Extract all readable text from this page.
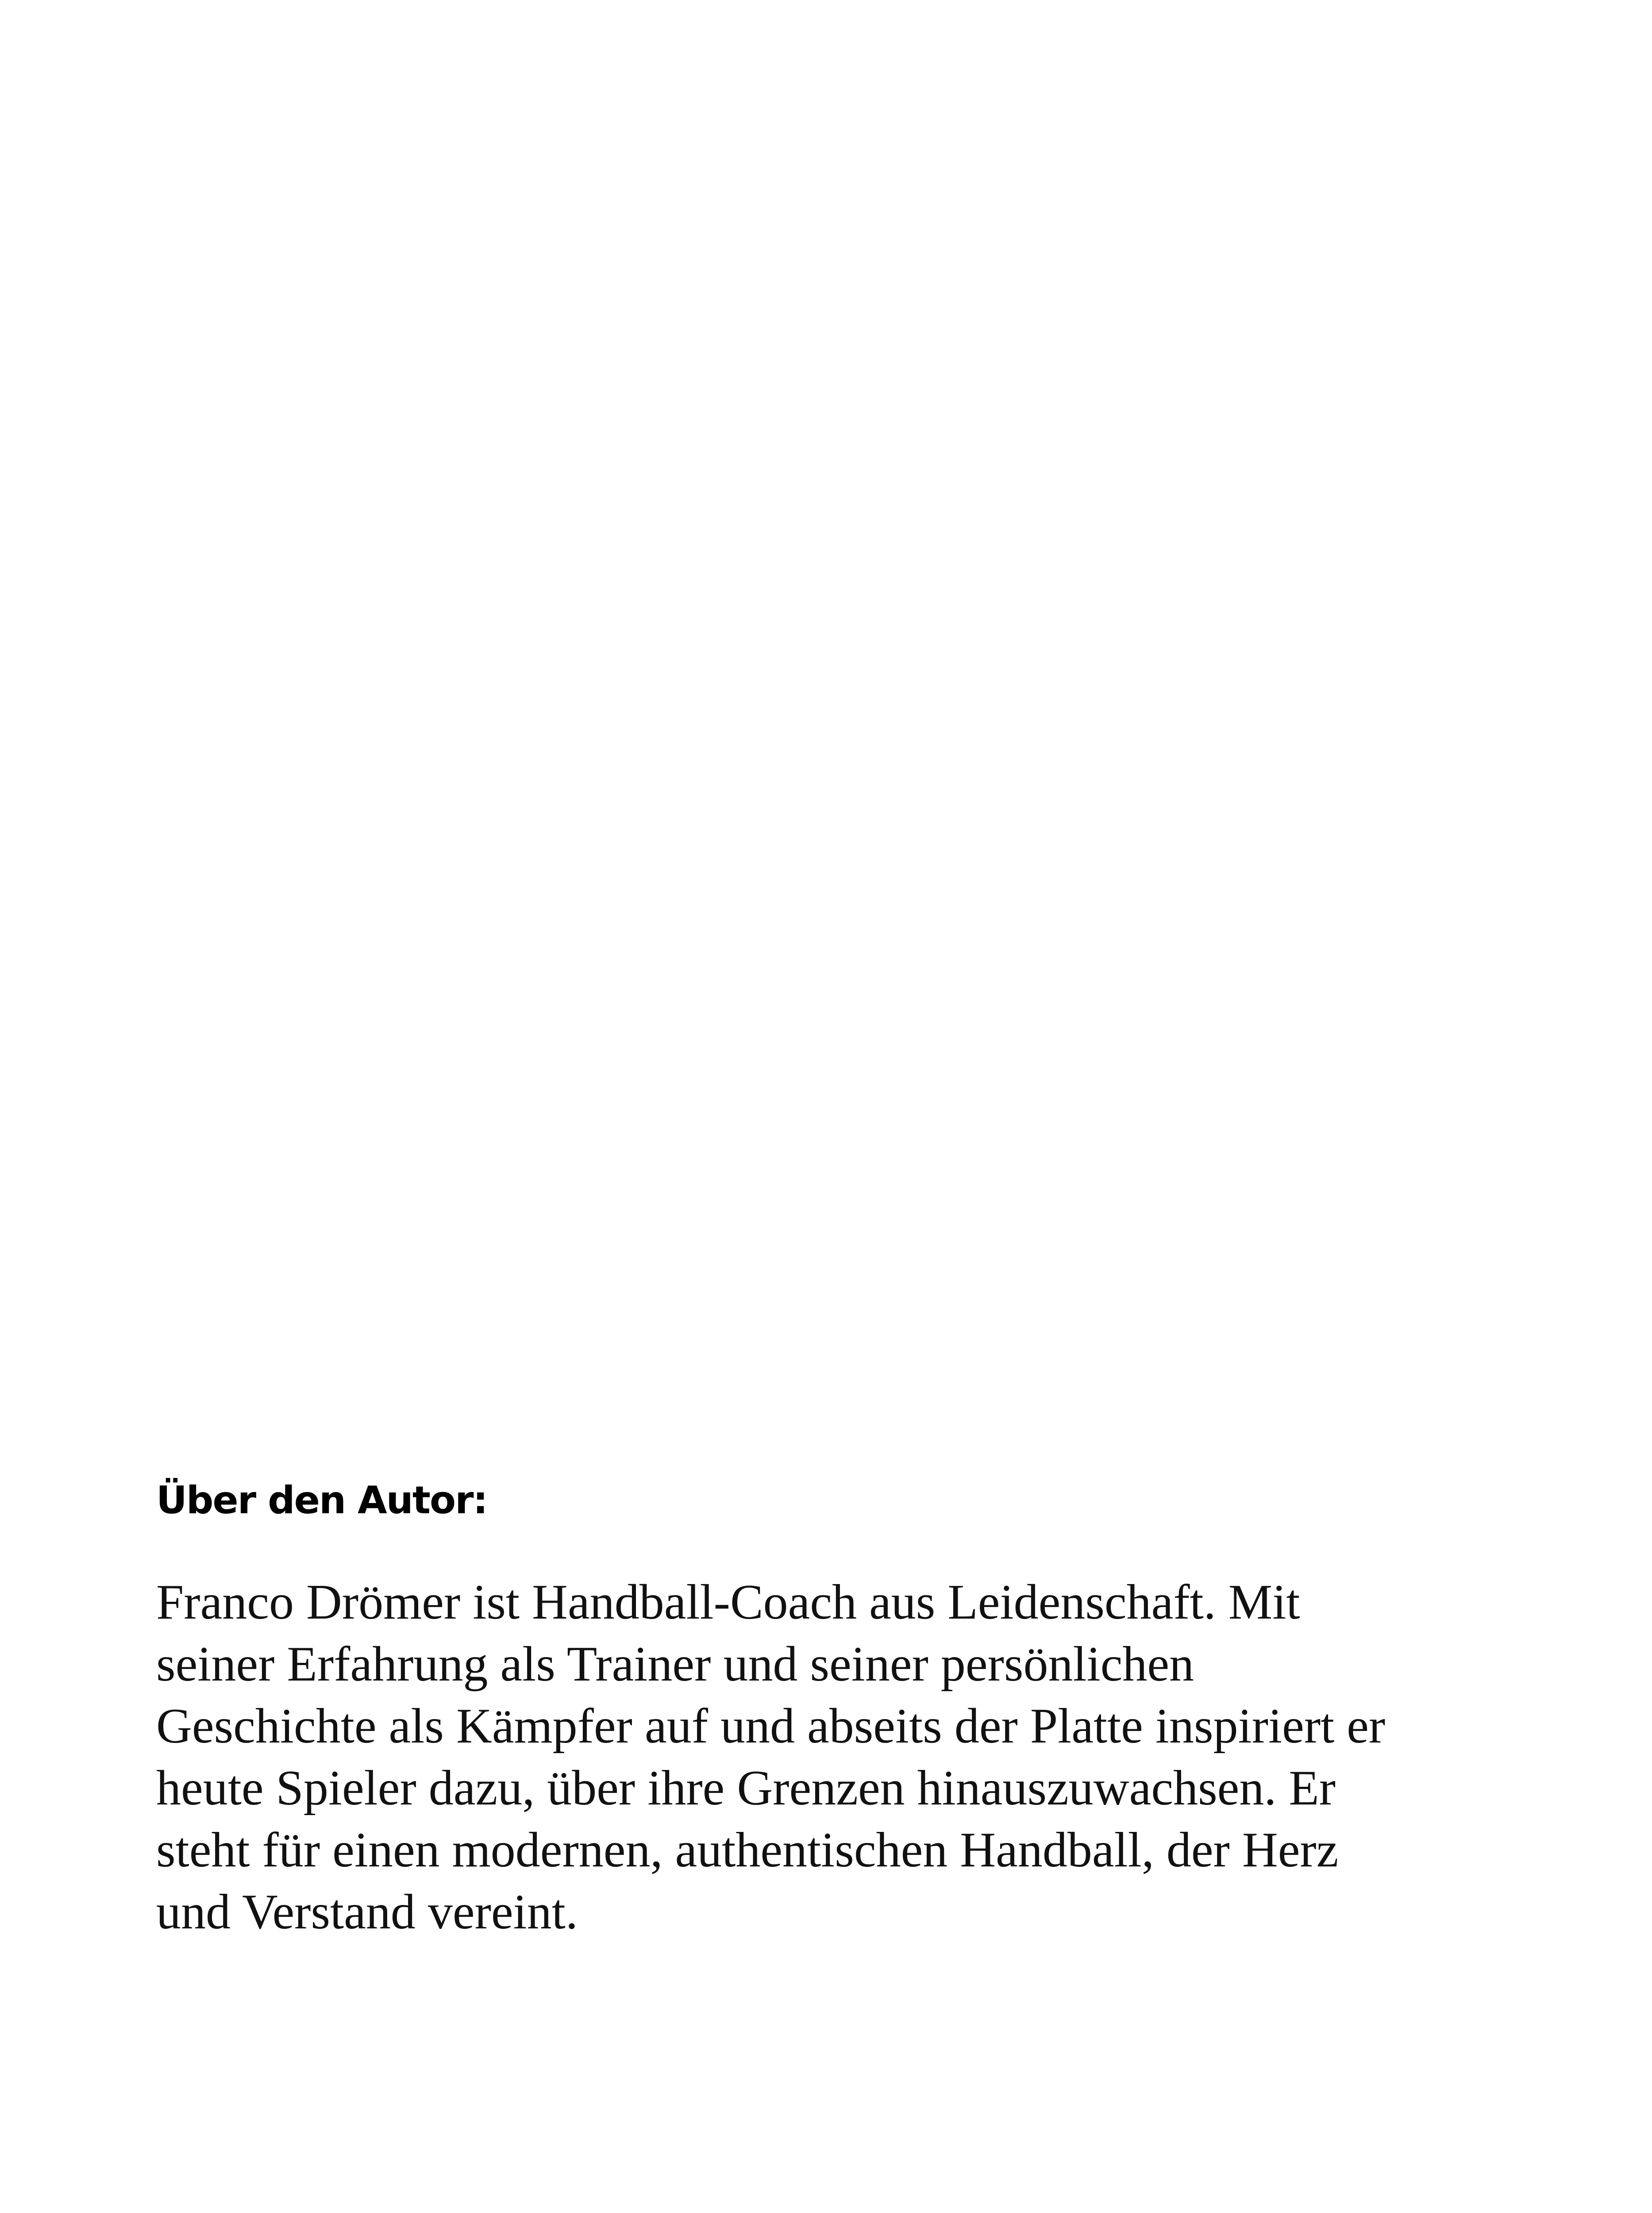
Über den Autor:

Franco Drömer ist Handball-Coach aus Leidenschaft. Mit
seiner Erfahrung als Trainer und seiner persönlichen
Geschichte als Kämpfer auf und abseits der Platte inspiriert er
heute Spieler dazu, über ihre Grenzen hinauszuwachsen. Er
steht für einen modernen, authentischen Handball, der Herz
und Verstand vereint.
